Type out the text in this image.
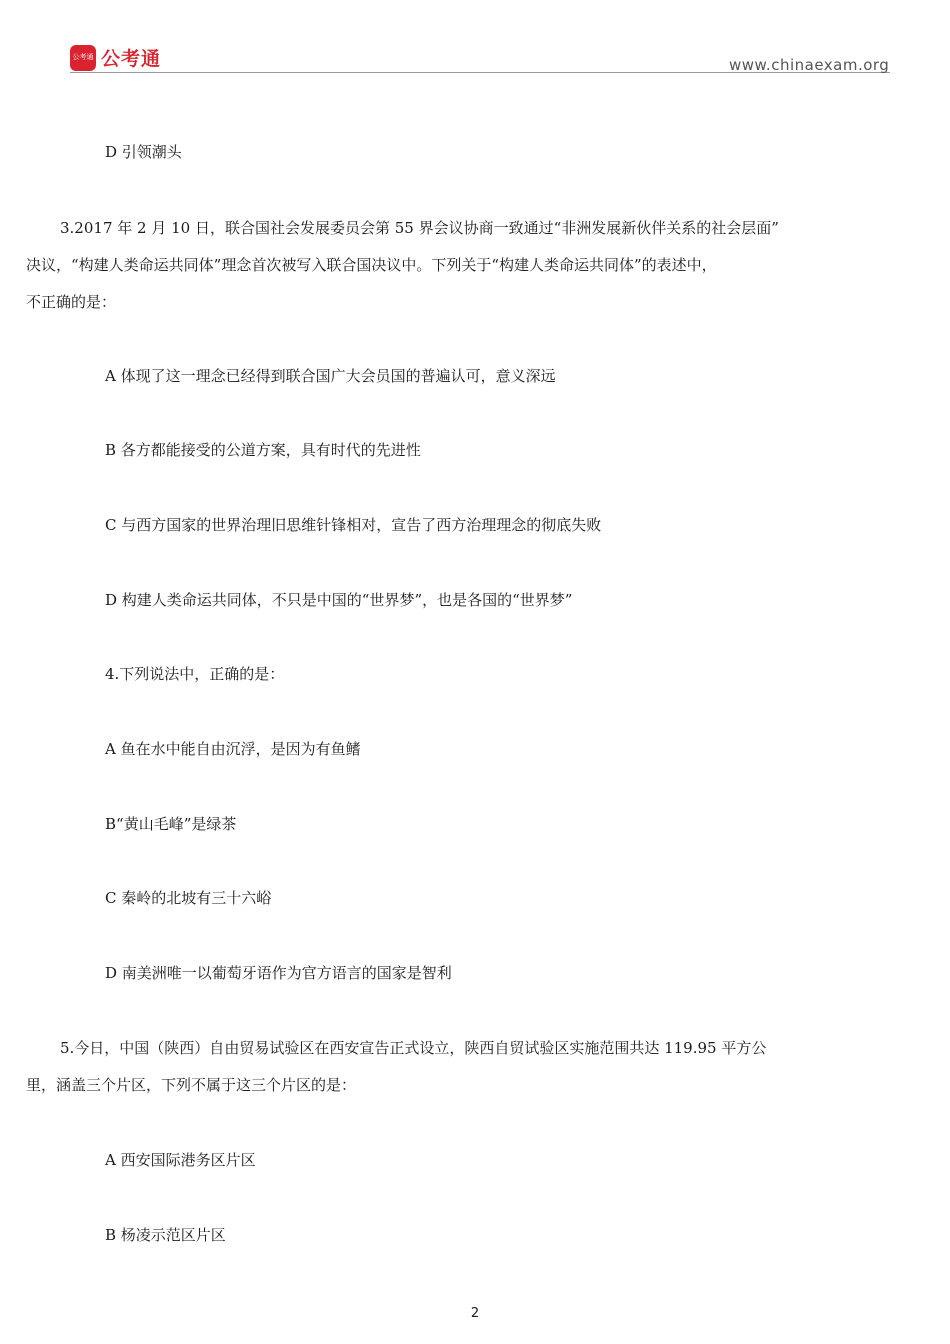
公考通 公考通	www.chinaexam.org
D 引领潮头
3.2017 年 2 月 10 日，联合国社会发展委员会第 55 界会议协商一致通过“非洲发展新伙伴关系的社会层面”
决议，“构建人类命运共同体”理念首次被写入联合国决议中。下列关于“构建人类命运共同体”的表述中，
不正确的是：
A 体现了这一理念已经得到联合国广大会员国的普遍认可，意义深远
B 各方都能接受的公道方案，具有时代的先进性
C 与西方国家的世界治理旧思维针锋相对，宣告了西方治理理念的彻底失败
D 构建人类命运共同体，不只是中国的“世界梦”，也是各国的“世界梦”
4.下列说法中，正确的是：
A 鱼在水中能自由沉浮，是因为有鱼鳍
B“黄山毛峰”是绿茶
C 秦岭的北坡有三十六峪
D 南美洲唯一以葡萄牙语作为官方语言的国家是智利
5.今日，中国（陕西）自由贸易试验区在西安宣告正式设立，陕西自贸试验区实施范围共达 119.95 平方公
里，涵盖三个片区，下列不属于这三个片区的是：
A 西安国际港务区片区
B 杨凌示范区片区
2
